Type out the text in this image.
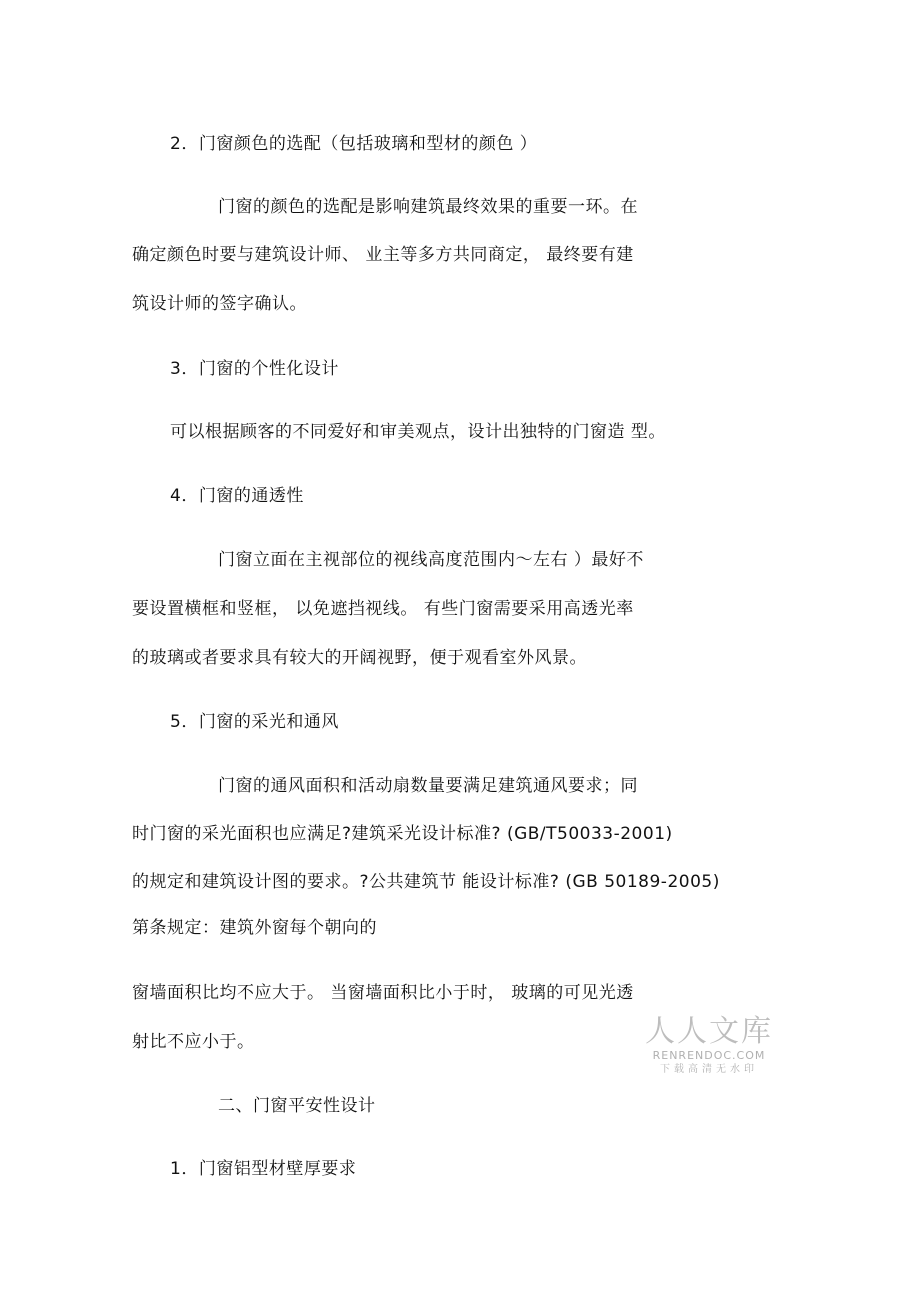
2．门窗颜色的选配（包括玻璃和型材的颜色 ）
门窗的颜色的选配是影响建筑最终效果的重要一环。在
确定颜色时要与建筑设计师、 业主等多方共同商定， 最终要有建
筑设计师的签字确认。
3．门窗的个性化设计
可以根据顾客的不同爱好和审美观点，设计出独特的门窗造 型。
4．门窗的通透性
门窗立面在主视部位的视线高度范围内～左右 ）最好不
要设置横框和竖框， 以免遮挡视线。 有些门窗需要采用高透光率
的玻璃或者要求具有较大的开阔视野，便于观看室外风景。
5．门窗的采光和通风
门窗的通风面积和活动扇数量要满足建筑通风要求；同
时门窗的采光面积也应满足?建筑采光设计标准? (GB/T50033-2001)
的规定和建筑设计图的要求。?公共建筑节 能设计标准? (GB 50189-2005)
第条规定：建筑外窗每个朝向的
窗墙面积比均不应大于。 当窗墙面积比小于时， 玻璃的可见光透
射比不应小于。
二、门窗平安性设计
1．门窗铝型材壁厚要求
人人文库
RENRENDOC.COM
下载高清无水印
